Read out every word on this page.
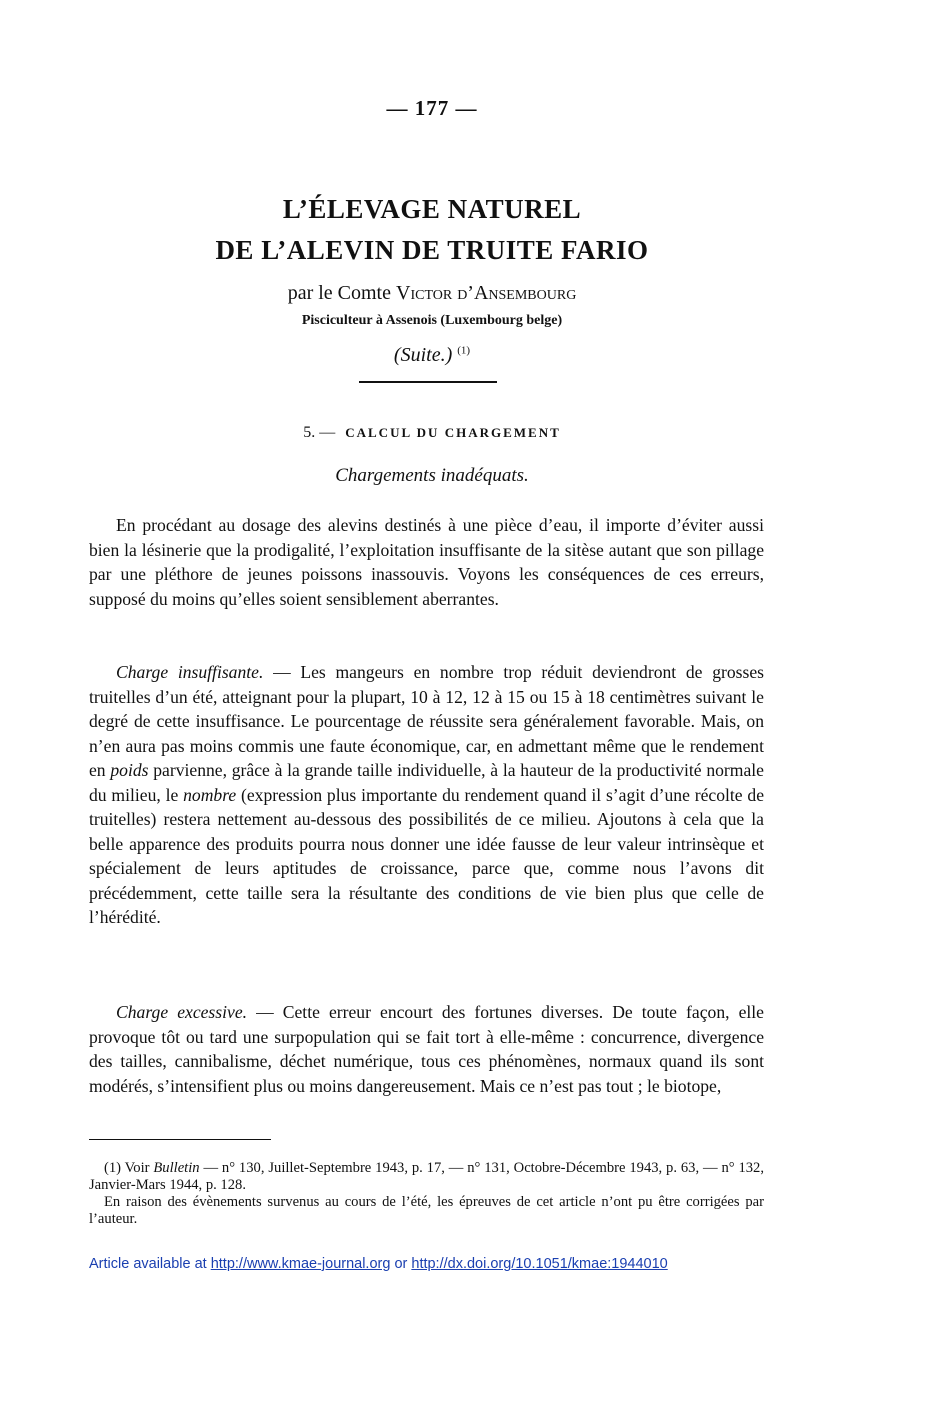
— 177 —
L’ÉLEVAGE NATUREL
DE L’ALEVIN DE TRUITE FARIO
par le Comte Victor d’Ansembourg
Pisciculteur à Assenois (Luxembourg belge)
(Suite.) $^{(1)}$
5. — CALCUL DU CHARGEMENT
Chargements inadéquats.

En procédant au dosage des alevins destinés à une pièce d’eau, il importe d’éviter aussi bien la lésinerie que la prodigalité, l’exploitation insuffisante de la sitèse autant que son pillage par une pléthore de jeunes poissons inassouvis. Voyons les conséquences de ces erreurs, supposé du moins qu’elles soient sensiblement aberrantes.

Charge insuffisante. — Les mangeurs en nombre trop réduit deviendront de grosses truitelles d’un été, atteignant pour la plupart, 10 à 12, 12 à 15 ou 15 à 18 centimètres suivant le degré de cette insuffisance. Le pourcentage de réussite sera généralement favorable. Mais, on n’en aura pas moins commis une faute économique, car, en admettant même que le rendement en poids parvienne, grâce à la grande taille individuelle, à la hauteur de la productivité normale du milieu, le nombre (expression plus importante du rendement quand il s’agit d’une récolte de truitelles) restera nettement au-dessous des possibilités de ce milieu. Ajoutons à cela que la belle apparence des produits pourra nous donner une idée fausse de leur valeur intrinsèque et spécialement de leurs aptitudes de croissance, parce que, comme nous l’avons dit précédemment, cette taille sera la résultante des conditions de vie bien plus que celle de l’hérédité.

Charge excessive. — Cette erreur encourt des fortunes diverses. De toute façon, elle provoque tôt ou tard une surpopulation qui se fait tort à elle-même : concurrence, divergence des tailles, cannibalisme, déchet numérique, tous ces phénomènes, normaux quand ils sont modérés, s’intensifient plus ou moins dangereusement. Mais ce n’est pas tout ; le biotope,

(1) Voir Bulletin — n° 130, Juillet-Septembre 1943, p. 17, — n° 131, Octobre-Décembre 1943, p. 63, — n° 132, Janvier-Mars 1944, p. 128.

En raison des évènements survenus au cours de l’été, les épreuves de cet article n’ont pu être corrigées par l’auteur.

Article available at http://www.kmae-journal.org or http://dx.doi.org/10.1051/kmae:1944010
